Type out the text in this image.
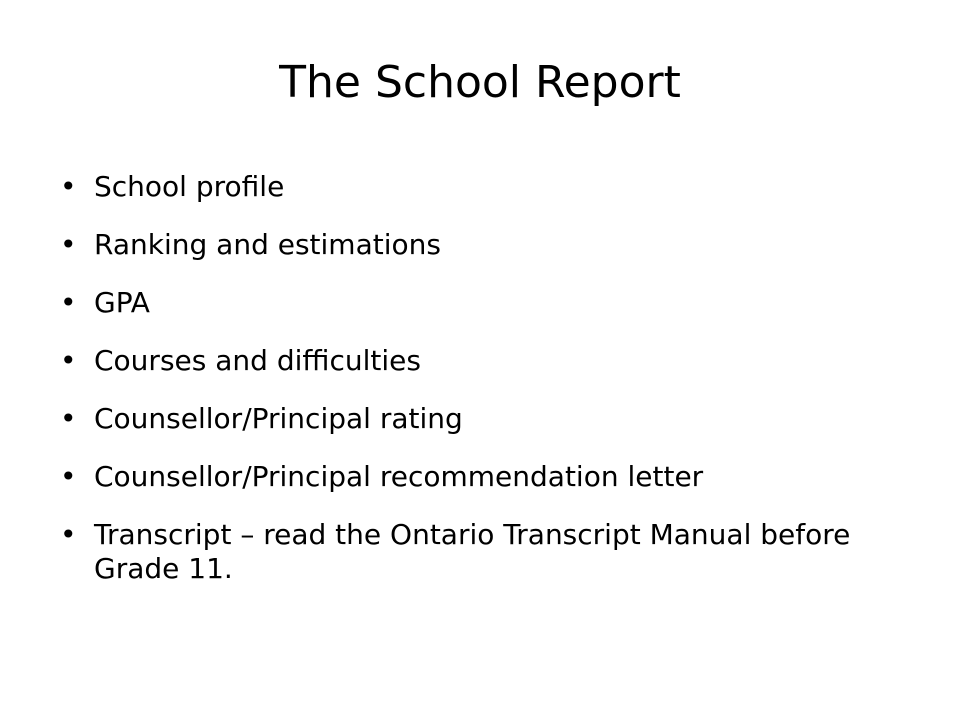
The School Report
• School profile
• Ranking and estimations
• GPA
• Courses and difficulties
• Counsellor/Principal rating
• Counsellor/Principal recommendation letter
• Transcript – read the Ontario Transcript Manual before Grade 11.
